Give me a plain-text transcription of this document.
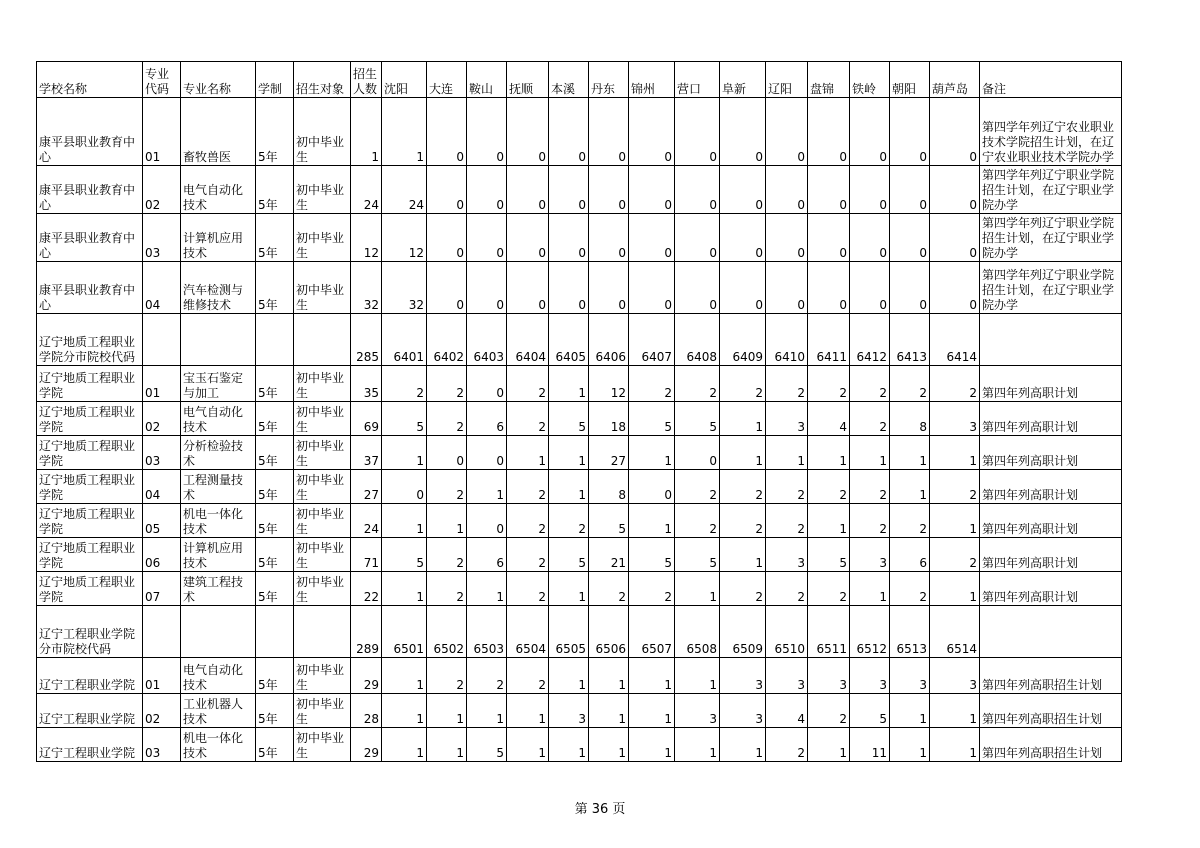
学校名称	专业代码	专业名称	学制	招生对象	招生人数	沈阳	大连	鞍山	抚顺	本溪	丹东	锦州	营口	阜新	辽阳	盘锦	铁岭	朝阳	葫芦岛	备注
康平县职业教育中心	01	畜牧兽医	5年	初中毕业生	1	1	0	0	0	0	0	0	0	0	0	0	0	0	0	第四学年列辽宁农业职业技术学院招生计划，在辽宁农业职业技术学院办学
康平县职业教育中心	02	电气自动化技术	5年	初中毕业生	24	24	0	0	0	0	0	0	0	0	0	0	0	0	0	第四学年列辽宁职业学院招生计划，在辽宁职业学院办学
康平县职业教育中心	03	计算机应用技术	5年	初中毕业生	12	12	0	0	0	0	0	0	0	0	0	0	0	0	0	第四学年列辽宁职业学院招生计划，在辽宁职业学院办学
康平县职业教育中心	04	汽车检测与维修技术	5年	初中毕业生	32	32	0	0	0	0	0	0	0	0	0	0	0	0	0	第四学年列辽宁职业学院招生计划，在辽宁职业学院办学
辽宁地质工程职业学院分市院校代码					285	6401	6402	6403	6404	6405	6406	6407	6408	6409	6410	6411	6412	6413	6414	
辽宁地质工程职业学院	01	宝玉石鉴定与加工	5年	初中毕业生	35	2	2	0	2	1	12	2	2	2	2	2	2	2	2	第四年列高职计划
辽宁地质工程职业学院	02	电气自动化技术	5年	初中毕业生	69	5	2	6	2	5	18	5	5	1	3	4	2	8	3	第四年列高职计划
辽宁地质工程职业学院	03	分析检验技术	5年	初中毕业生	37	1	0	0	1	1	27	1	0	1	1	1	1	1	1	第四年列高职计划
辽宁地质工程职业学院	04	工程测量技术	5年	初中毕业生	27	0	2	1	2	1	8	0	2	2	2	2	2	1	2	第四年列高职计划
辽宁地质工程职业学院	05	机电一体化技术	5年	初中毕业生	24	1	1	0	2	2	5	1	2	2	2	1	2	2	1	第四年列高职计划
辽宁地质工程职业学院	06	计算机应用技术	5年	初中毕业生	71	5	2	6	2	5	21	5	5	1	3	5	3	6	2	第四年列高职计划
辽宁地质工程职业学院	07	建筑工程技术	5年	初中毕业生	22	1	2	1	2	1	2	2	1	2	2	2	1	2	1	第四年列高职计划
辽宁工程职业学院分市院校代码					289	6501	6502	6503	6504	6505	6506	6507	6508	6509	6510	6511	6512	6513	6514	
辽宁工程职业学院	01	电气自动化技术	5年	初中毕业生	29	1	2	2	2	1	1	1	1	3	3	3	3	3	3	第四年列高职招生计划
辽宁工程职业学院	02	工业机器人技术	5年	初中毕业生	28	1	1	1	1	3	1	1	3	3	4	2	5	1	1	第四年列高职招生计划
辽宁工程职业学院	03	机电一体化技术	5年	初中毕业生	29	1	1	5	1	1	1	1	1	1	2	1	11	1	1	第四年列高职招生计划
第 36 页
